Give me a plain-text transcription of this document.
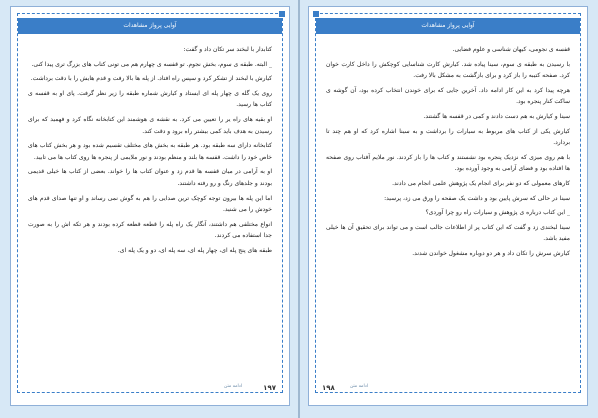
آوایی پرواز مشاهدات

کتابدار با لبخند سر تکان داد و گفت:

_ البته. طبقه ی سوم، بخش نجوم. تو قفسه ی چهارم هم می تونی کتاب های بزرگ تری پیدا کنی.

کیارش با لبخند از تشکر کرد و سپس راه افتاد. از پله ها بالا رفت و قدم هایش را با دقت برداشت.

روی یک گله ی چهار پله ای ایستاد و کیارش شماره طبقه را زیر نظر گرفت. پای او به قفسه ی کتاب ها رسید.

او بقیه های راه یر را تعیین می کرد. به نقشه ی هوشمند این کتابخانه نگاه کرد و فهمید که برای رسیدن به هدف باید کمی بیشتر راه برود و دقت کند.

کتابخانه دارای سه طبقه بود. هر طبقه به بخش های مختلف تقسیم شده بود و هر بخش کتاب های خاص خود را داشت. قفسه ها بلند و منظم بودند و نور ملایمی از پنجره ها روی کتاب ها می تابید.

او به آرامی در میان قفسه ها قدم زد و عنوان کتاب ها را خواند. بعضی از کتاب ها خیلی قدیمی بودند و جلدهای رنگ و رو رفته داشتند.

اما این پله ها بیرون توجه کوچک ترین صدایی را هم به گوش نمی رساند و او تنها صدای قدم های خودش را می شنید.

انواع مختلفی هم داشتند، آنگار یک راه پله را قطعه قطعه کرده بودند و هر تکه اش را به صورت جدا استفاده می کردند.

طبقه های پنج پله ای، چهار پله ای، سه پله ای، دو و یک پله ای.

ادامه متن	۱۹۷
آوایی پرواز مشاهدات

قفسه ی نجومی، کیهان شناسی و علوم فضایی.

با رسیدن به طبقه ی سوم، سینا پیاده شد. کیارش کارت شناسایی کوچکش را داخل کارت خوان کرد. صفحه کتیبه را باز کرد و برای بازگشت به مشکل بالا رفت.

هرچه پیدا کرد به این کار ادامه داد. آخرین جایی که برای خوندن انتخاب کرده بود، آن گوشه ی ساکت کنار پنجره بود.

سینا و کیارش به هم دست دادند و کمی در قفسه ها گشتند.

کیارش یکی از کتاب های مربوط به سیارات را برداشت و به سینا اشاره کرد که او هم چند تا بردارد.

با هم روی میزی که نزدیک پنجره بود نشستند و کتاب ها را باز کردند. نور ملایم آفتاب روی صفحه ها افتاده بود و فضای آرامی به وجود آورده بود.

کارهای معمولی که دو نفر برای انجام یک پژوهش علمی انجام می دادند.

سینا در حالی که سرش پایین بود و داشت یک صفحه را ورق می زد، پرسید:

_ این کتاب درباره ی پژوهش و سیارات راه رو چرا آوردی؟

سینا لبخندی زد و گفت که این کتاب پر از اطلاعات جالب است و می تواند برای تحقیق آن ها خیلی مفید باشد.

کیارش سرش را تکان داد و هر دو دوباره مشغول خواندن شدند.

۱۹۸	ادامه متن
